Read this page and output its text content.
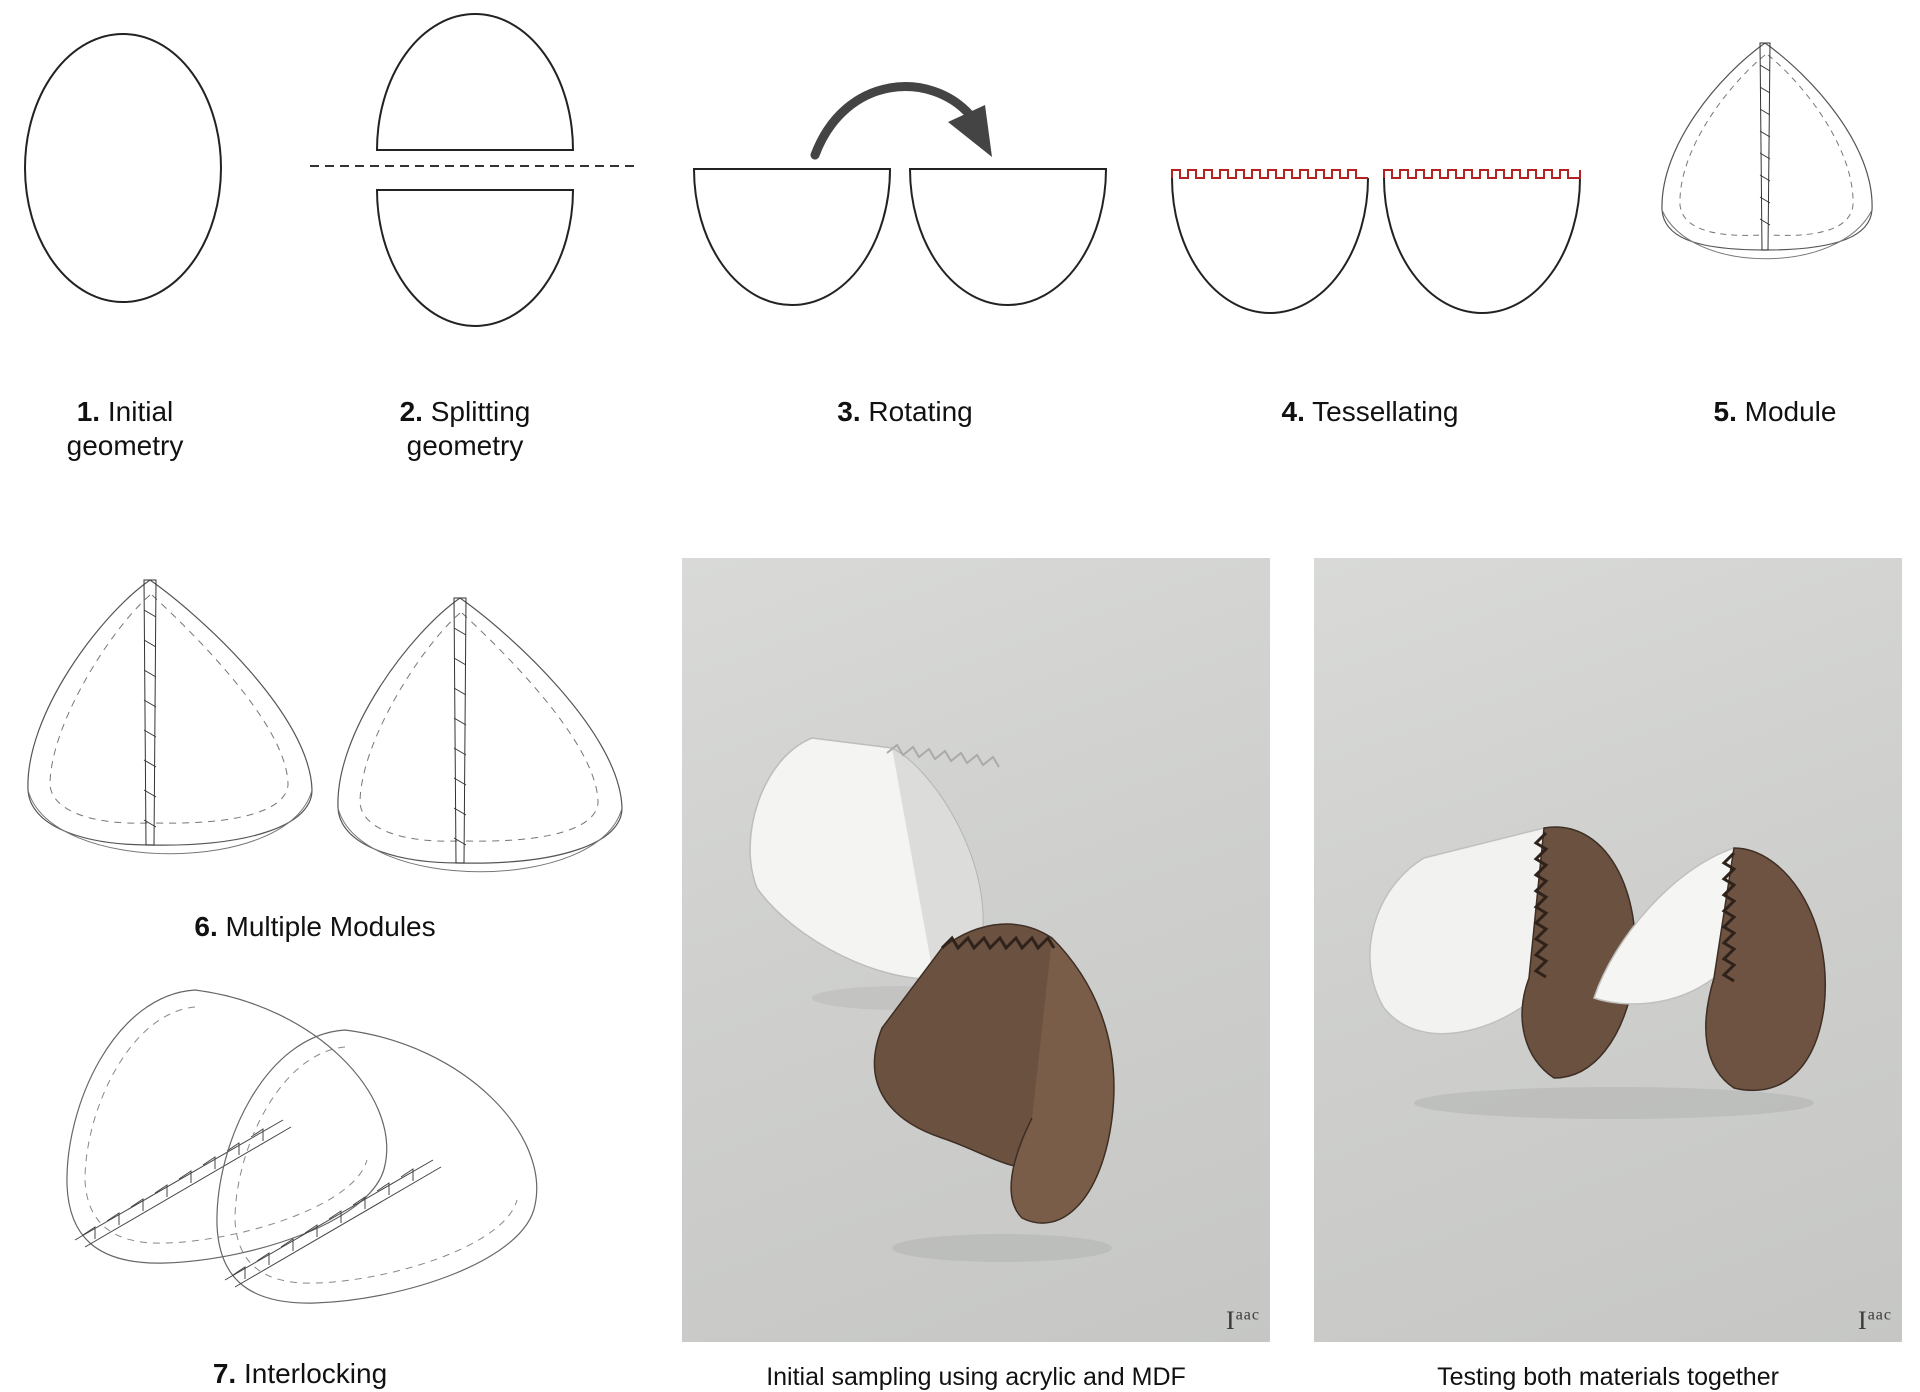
1. Initial
geometry
2. Splitting
geometry
3. Rotating	4. Tessellating	5. Module
6. Multiple Modules
7. Interlocking
$I^{aac}$
Initial sampling using acrylic and MDF
$I^{aac}$
Testing both materials together
